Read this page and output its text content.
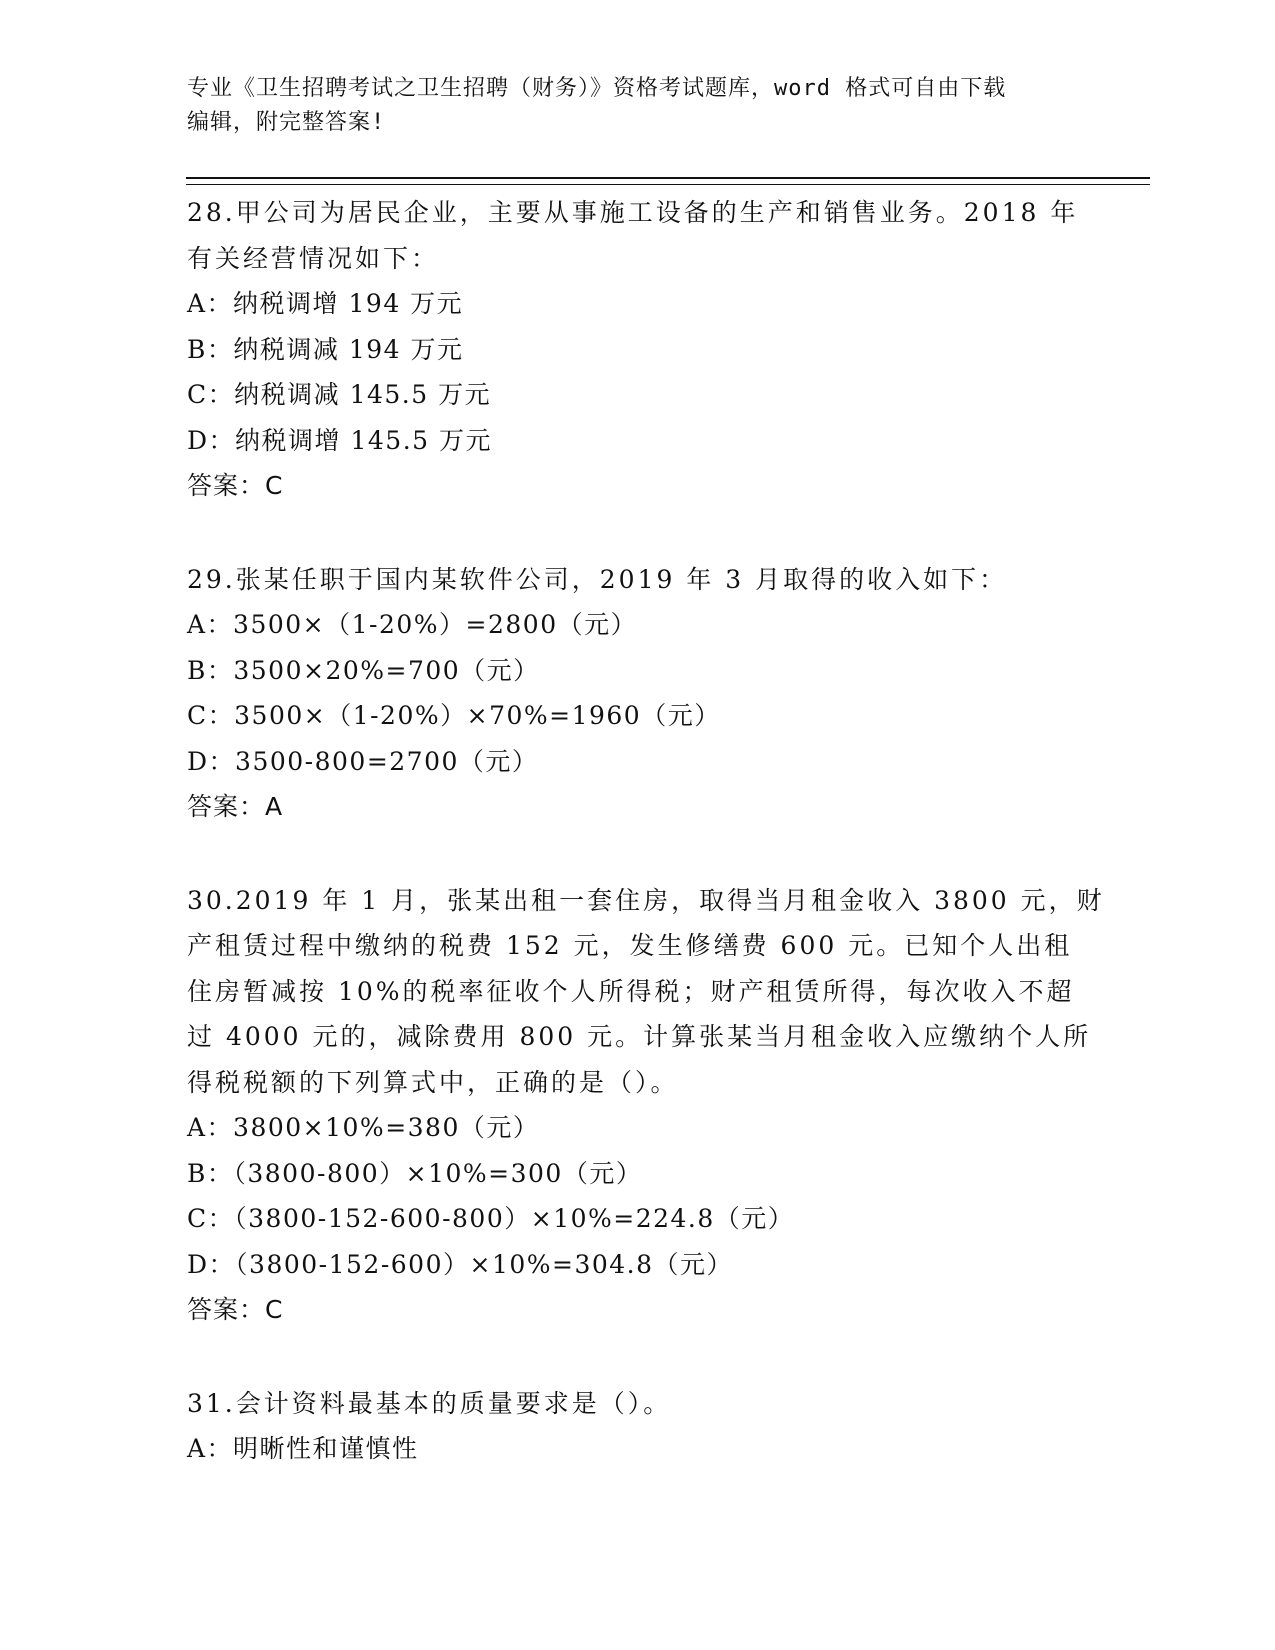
专业《卫生招聘考试之卫生招聘（财务）》资格考试题库，word 格式可自由下载
编辑，附完整答案!
28.甲公司为居民企业，主要从事施工设备的生产和销售业务。2018 年
有关经营情况如下：
A：纳税调增 194 万元
B：纳税调减 194 万元
C：纳税调减 145.5 万元
D：纳税调增 145.5 万元
答案：C
29.张某任职于国内某软件公司，2019 年 3 月取得的收入如下：
A：3500×（1-20%）=2800（元）
B：3500×20%=700（元）
C：3500×（1-20%）×70%=1960（元）
D：3500-800=2700（元）
答案：A
30.2019 年 1 月，张某出租一套住房，取得当月租金收入 3800 元，财
产租赁过程中缴纳的税费 152 元，发生修缮费 600 元。已知个人出租
住房暂减按 10%的税率征收个人所得税；财产租赁所得，每次收入不超
过 4000 元的，减除费用 800 元。计算张某当月租金收入应缴纳个人所
得税税额的下列算式中，正确的是（）。
A：3800×10%=380（元）
B：（3800-800）×10%=300（元）
C：（3800-152-600-800）×10%=224.8（元）
D：（3800-152-600）×10%=304.8（元）
答案：C
31.会计资料最基本的质量要求是（）。
A：明晰性和谨慎性
